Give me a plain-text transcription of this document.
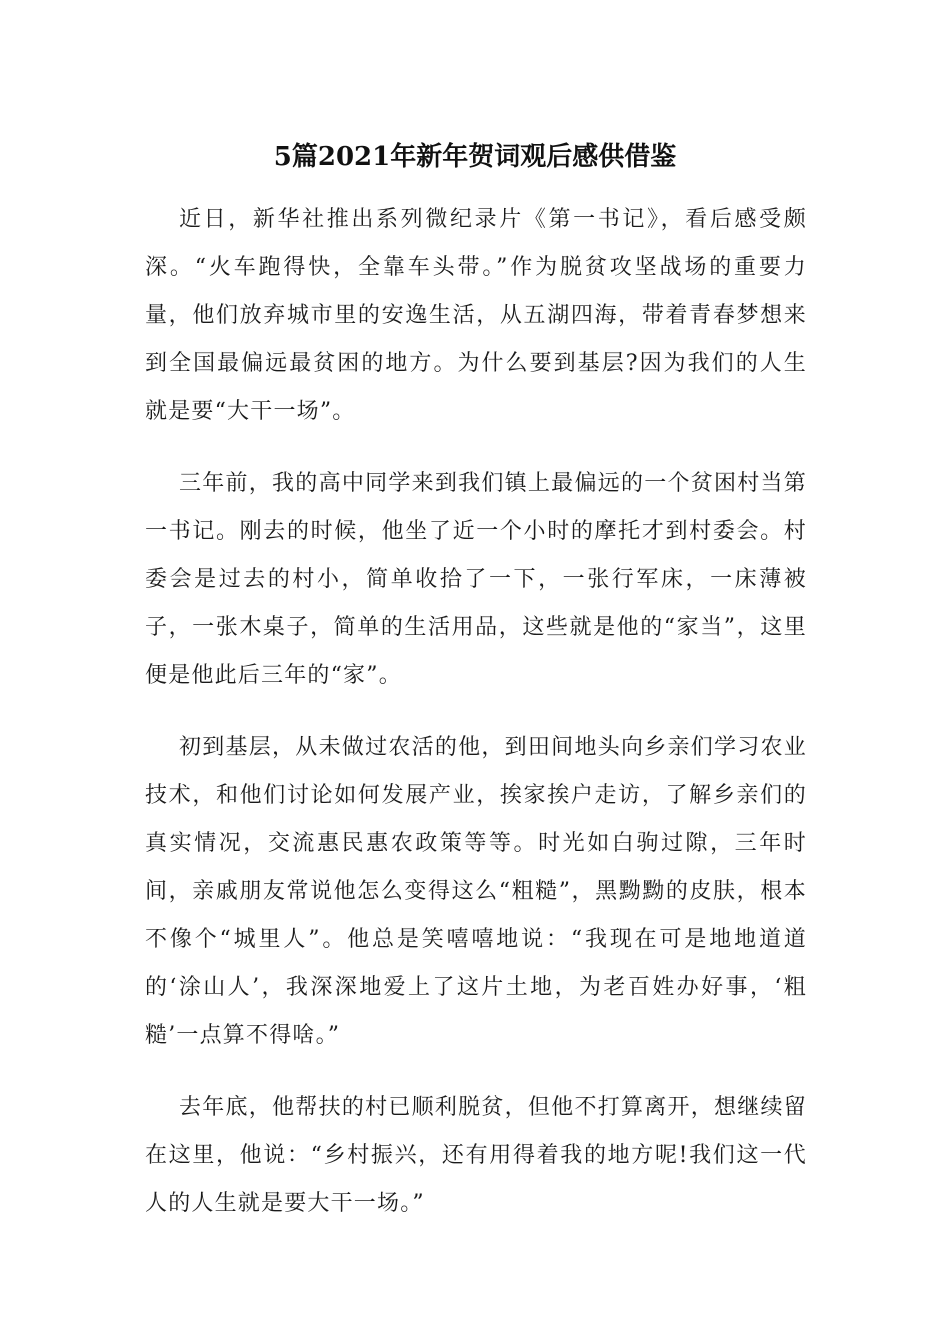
5篇2021年新年贺词观后感供借鉴

近日，新华社推出系列微纪录片《第一书记》，看后感受颇深。“火车跑得快，全靠车头带。”作为脱贫攻坚战场的重要力量，他们放弃城市里的安逸生活，从五湖四海，带着青春梦想来到全国最偏远最贫困的地方。为什么要到基层?因为我们的人生就是要“大干一场”。

三年前，我的高中同学来到我们镇上最偏远的一个贫困村当第一书记。刚去的时候，他坐了近一个小时的摩托才到村委会。村委会是过去的村小，简单收拾了一下，一张行军床，一床薄被子，一张木桌子，简单的生活用品，这些就是他的“家当”，这里便是他此后三年的“家”。

初到基层，从未做过农活的他，到田间地头向乡亲们学习农业技术，和他们讨论如何发展产业，挨家挨户走访，了解乡亲们的真实情况，交流惠民惠农政策等等。时光如白驹过隙，三年时间，亲戚朋友常说他怎么变得这么“粗糙”，黑黝黝的皮肤，根本不像个“城里人”。他总是笑嘻嘻地说：“我现在可是地地道道的‘涂山人’，我深深地爱上了这片土地，为老百姓办好事，‘粗糙’一点算不得啥。”

去年底，他帮扶的村已顺利脱贫，但他不打算离开，想继续留在这里，他说：“乡村振兴，还有用得着我的地方呢!我们这一代人的人生就是要大干一场。”
